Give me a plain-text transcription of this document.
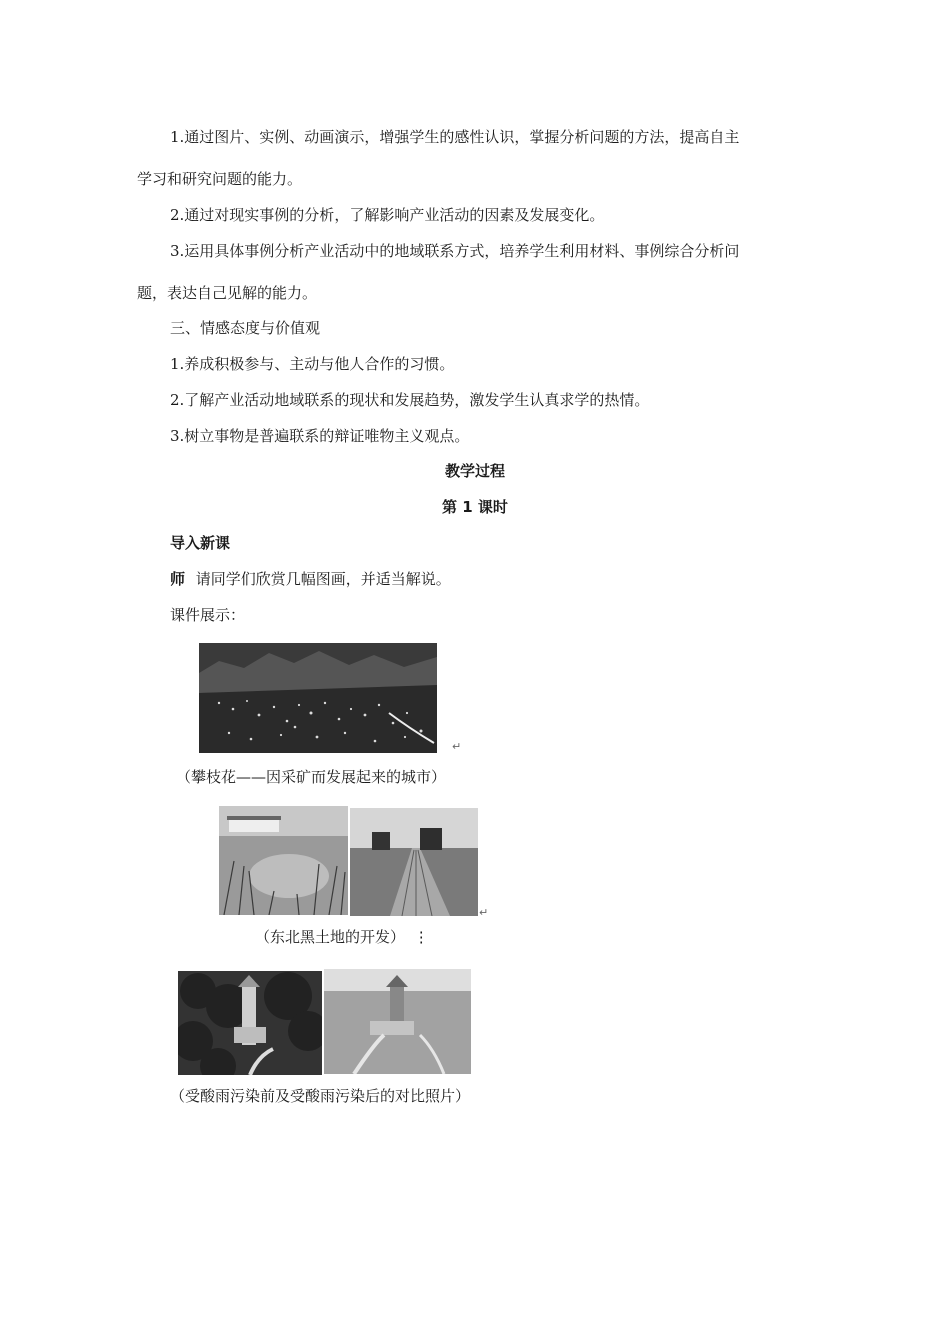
1.通过图片、实例、动画演示，增强学生的感性认识，掌握分析问题的方法，提高自主
学习和研究问题的能力。
2.通过对现实事例的分析，了解影响产业活动的因素及发展变化。
3.运用具体事例分析产业活动中的地域联系方式，培养学生利用材料、事例综合分析问
题，表达自己见解的能力。
三、情感态度与价值观
1.养成积极参与、主动与他人合作的习惯。
2.了解产业活动地域联系的现状和发展趋势，激发学生认真求学的热情。
3.树立事物是普遍联系的辩证唯物主义观点。
教学过程
第 1 课时
导入新课
师 请同学们欣赏几幅图画，并适当解说。
课件展示：
↵
（攀枝花——因采矿而发展起来的城市）
↵
（东北黑土地的开发） ⋮
（受酸雨污染前及受酸雨污染后的对比照片）
